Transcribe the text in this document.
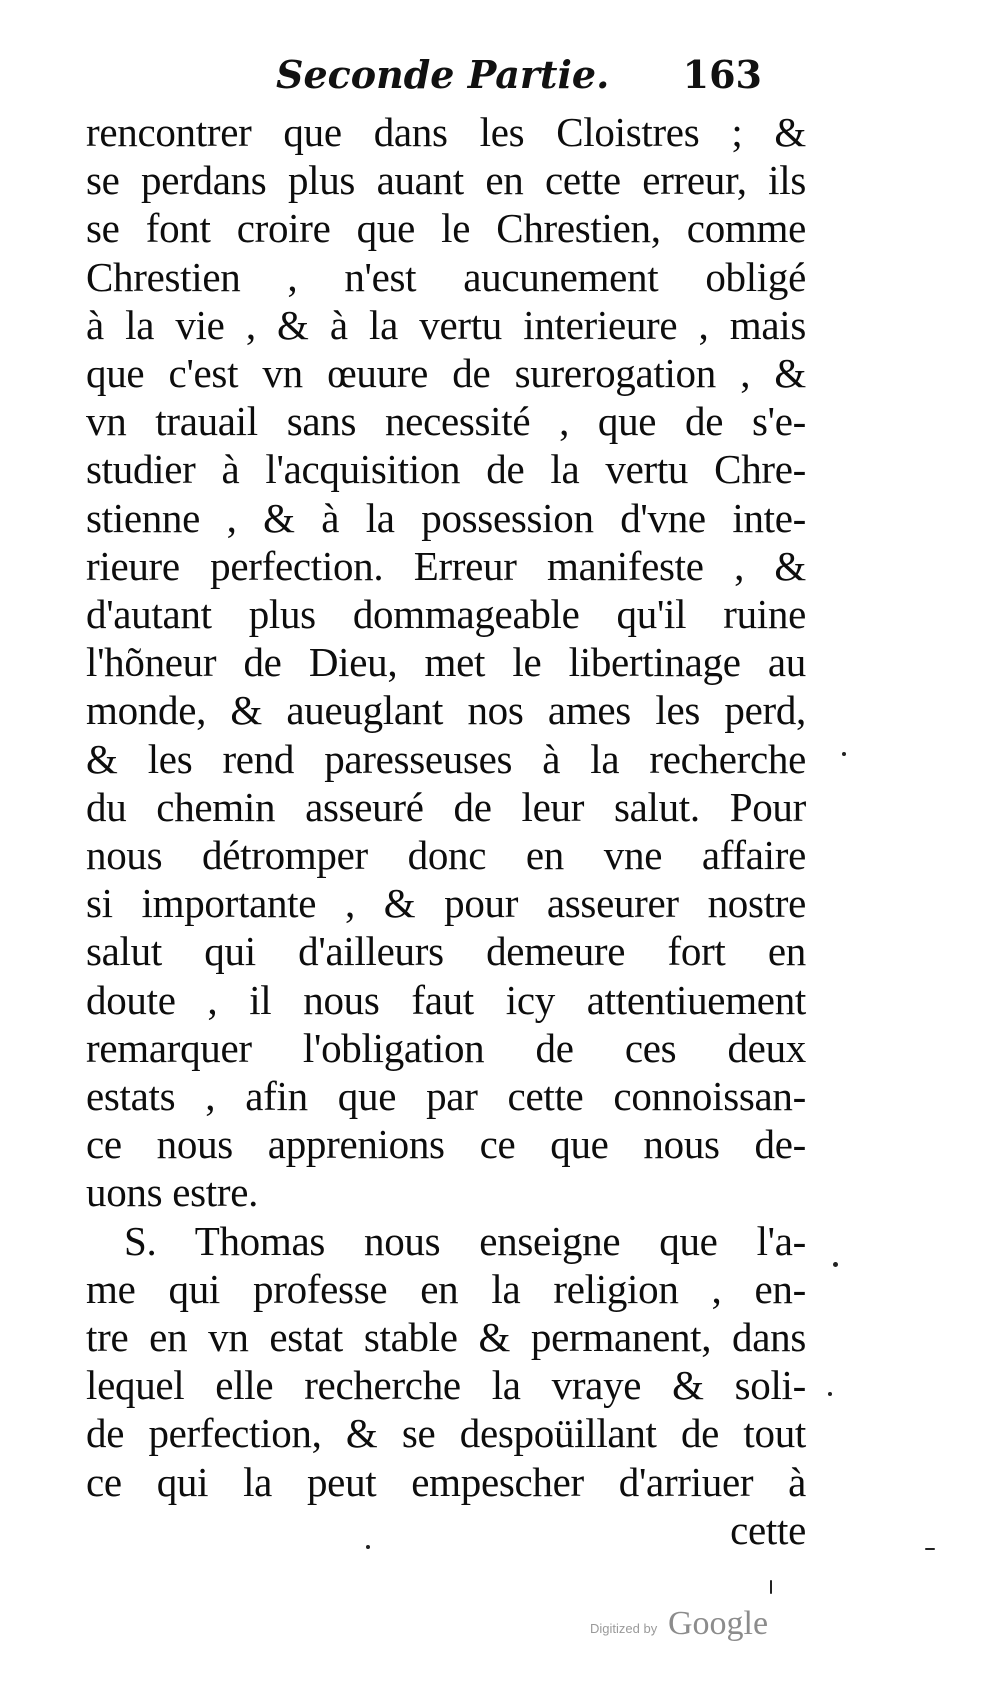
Seconde Partie. 163
rencontrer que dans les Cloistres ; &
se perdans plus auant en cette erreur, ils
se font croire que le Chrestien, comme
Chrestien , n'est aucunement obligé
à la vie , & à la vertu interieure , mais
que c'est vn œuure de surerogation , &
vn trauail sans necessité , que de s'e-
studier à l'acquisition de la vertu Chre-
stienne , & à la possession d'vne inte-
rieure perfection. Erreur manifeste , &
d'autant plus dommageable qu'il ruine
l'hõneur de Dieu, met le libertinage au
monde, & aueuglant nos ames les perd,
& les rend paresseuses à la recherche
du chemin asseuré de leur salut. Pour
nous détromper donc en vne affaire
si importante , & pour asseurer nostre
salut qui d'ailleurs demeure fort en
doute , il nous faut icy attentiuement
remarquer l'obligation de ces deux
estats , afin que par cette connoissan-
ce nous apprenions ce que nous de-
uons estre.
S. Thomas nous enseigne que l'a-
me qui professe en la religion , en-
tre en vn estat stable & permanent, dans
lequel elle recherche la vraye & soli-
de perfection, & se despoüillant de tout
ce qui la peut empescher d'arriuer à
cette
Digitized by Google
